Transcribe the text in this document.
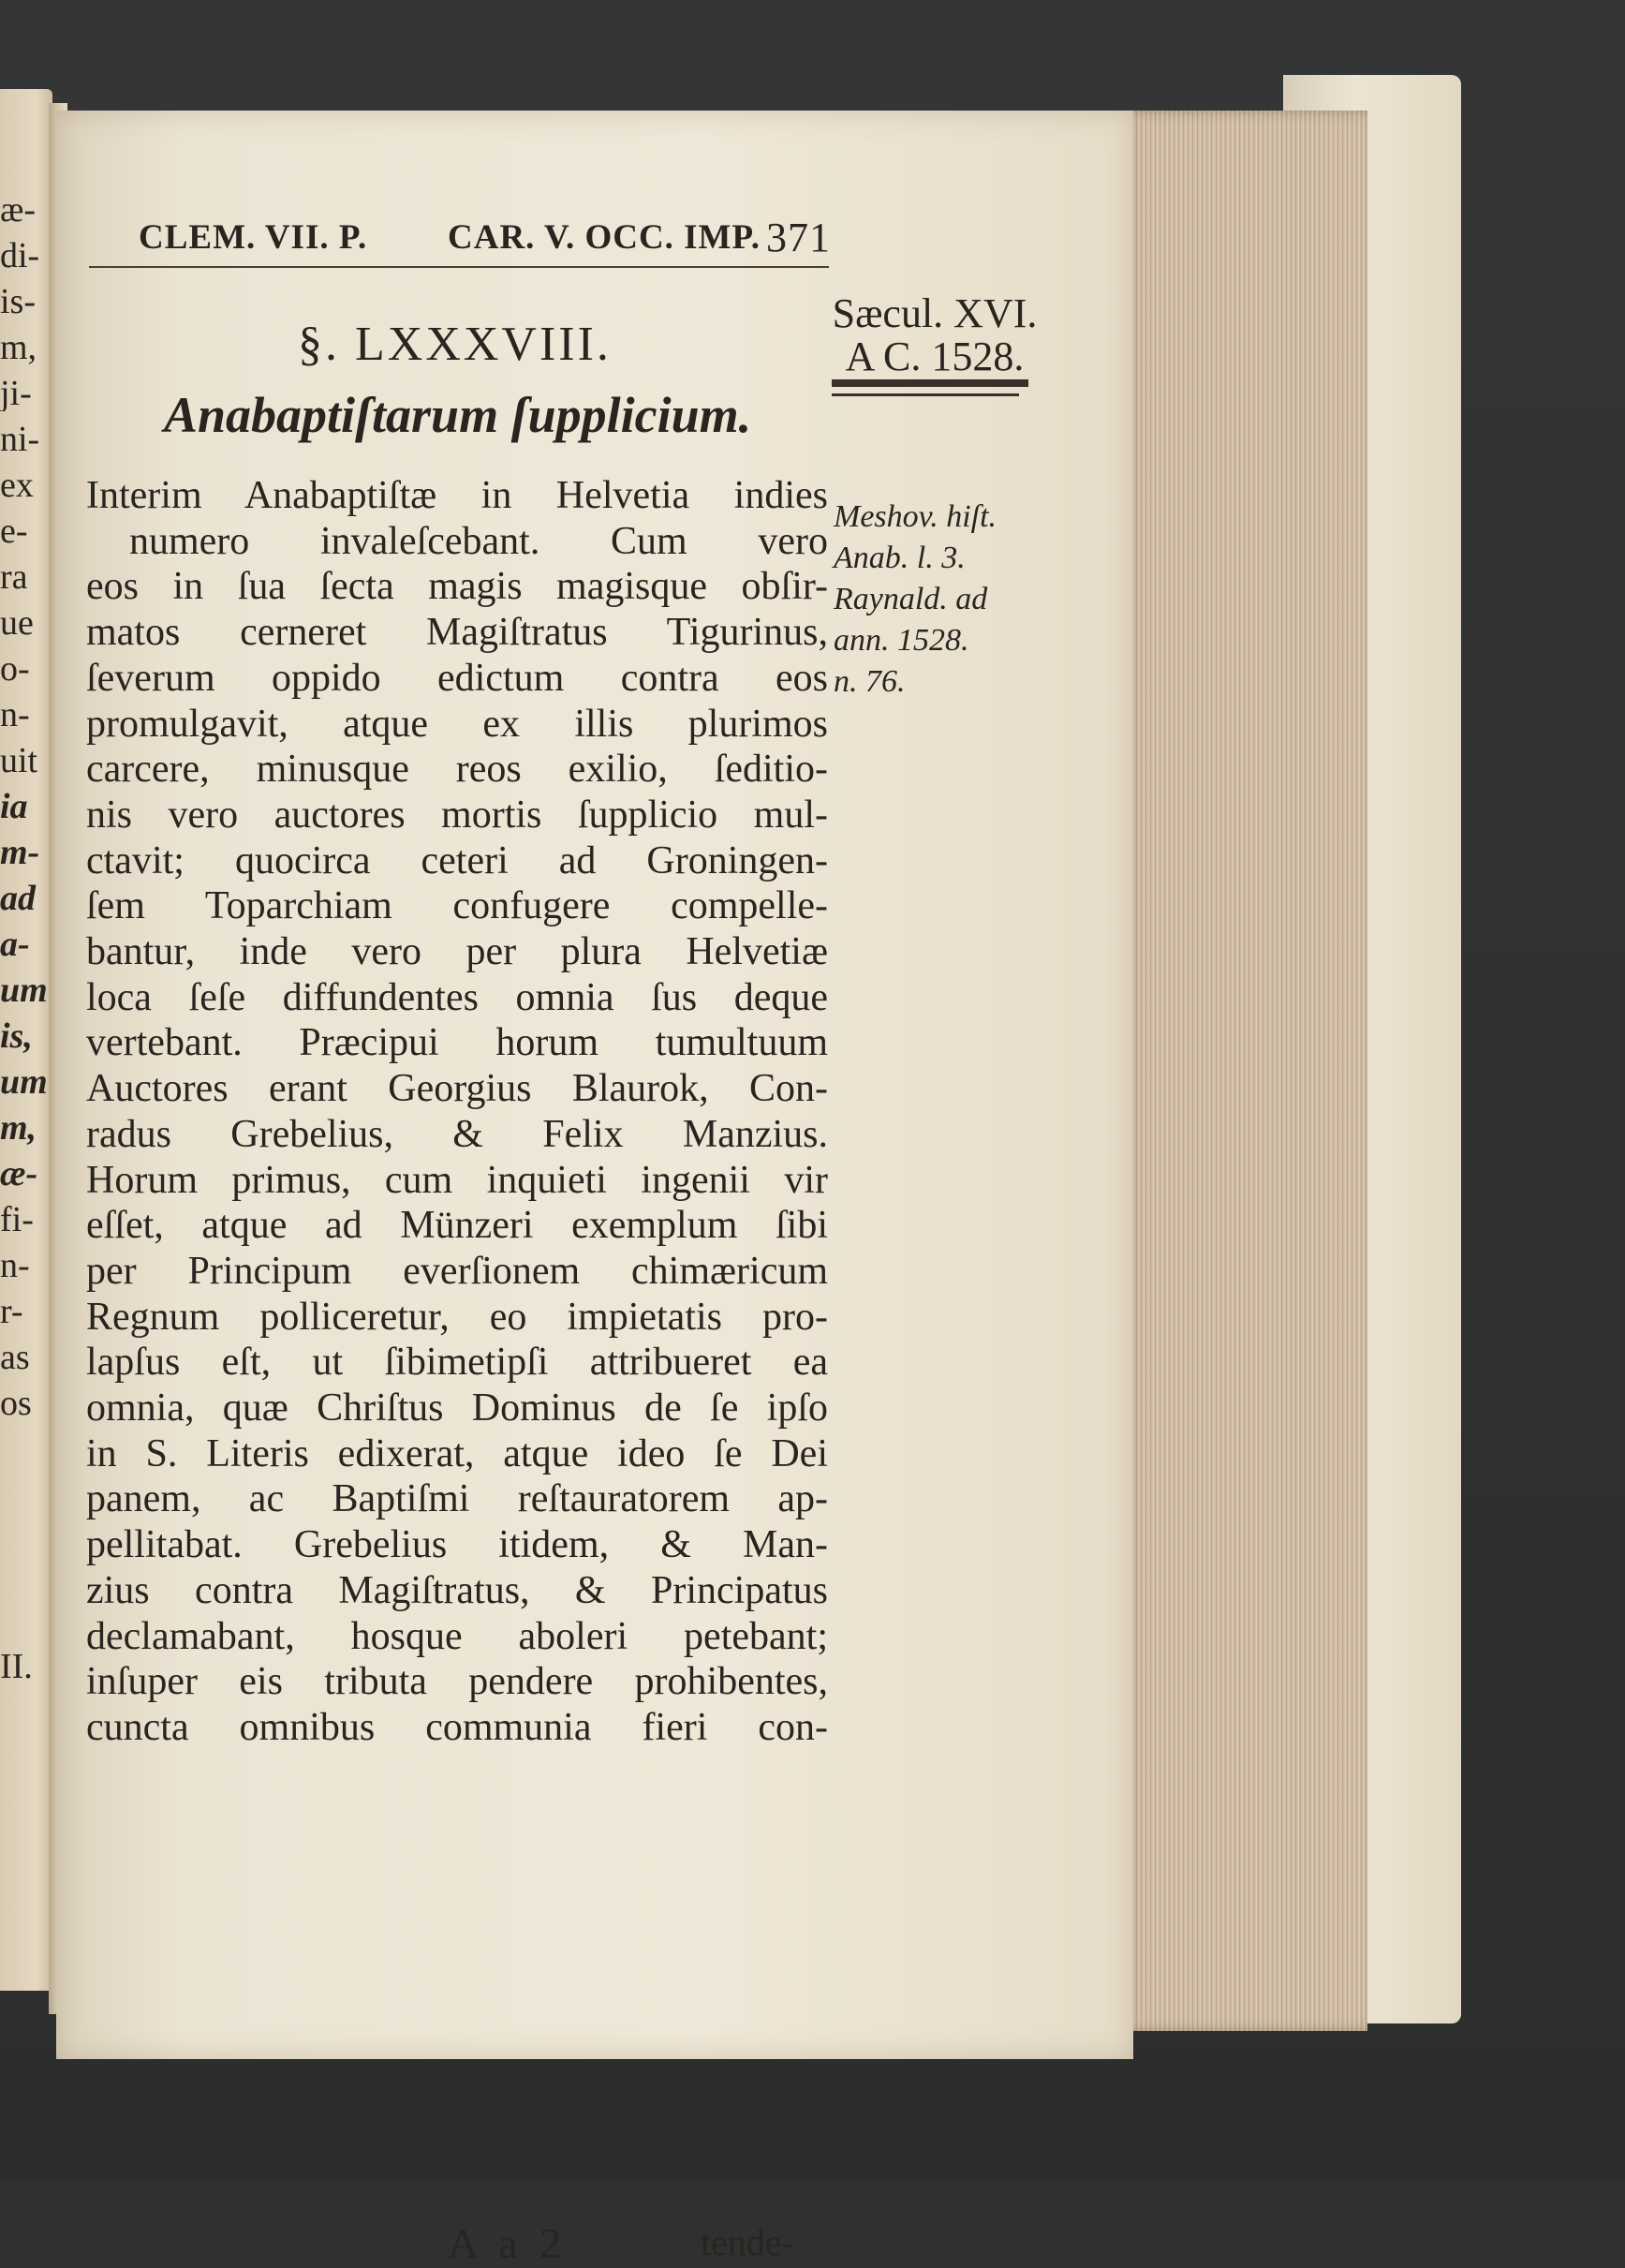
æ-
di-
is-
m,
ji-
ni-
ex
e-
ra
ue
o-
n-
uit
ia
m-
ad
a-
um
is,
um
m,
æ-
fi-
n-
r-
as
os
II.
CLEM. VII. P. CAR. V. OCC. IMP. 371
Sæcul. XVI.
A C. 1528.
§. LXXXVIII.
Anabaptiſtarum ſupplicium.
Interim Anabaptiſtæ in Helvetia indies
numero invaleſcebant. Cum vero
eos in ſua ſecta magis magisque obſir-
matos cerneret Magiſtratus Tigurinus,
ſeverum oppido edictum contra eos
promulgavit, atque ex illis plurimos
carcere, minusque reos exilio, ſeditio-
nis vero auctores mortis ſupplicio mul-
ctavit; quocirca ceteri ad Groningen-
ſem Toparchiam confugere compelle-
bantur, inde vero per plura Helvetiæ
loca ſeſe diffundentes omnia ſus deque
vertebant. Præcipui horum tumultuum
Auctores erant Georgius Blaurok, Con-
radus Grebelius, & Felix Manzius.
Horum primus, cum inquieti ingenii vir
eſſet, atque ad Münzeri exemplum ſibi
per Principum everſionem chimæricum
Regnum polliceretur, eo impietatis pro-
lapſus eſt, ut ſibimetipſi attribueret ea
omnia, quæ Chriſtus Dominus de ſe ipſo
in S. Literis edixerat, atque ideo ſe Dei
panem, ac Baptiſmi reſtauratorem ap-
pellitabat. Grebelius itidem, & Man-
zius contra Magiſtratus, & Principatus
declamabant, hosque aboleri petebant;
inſuper eis tributa pendere prohibentes,
cuncta omnibus communia fieri con-
Meshov. hiſt.
Anab. l. 3.
Raynald. ad
ann. 1528.
n. 76.
A a 2	tende-
